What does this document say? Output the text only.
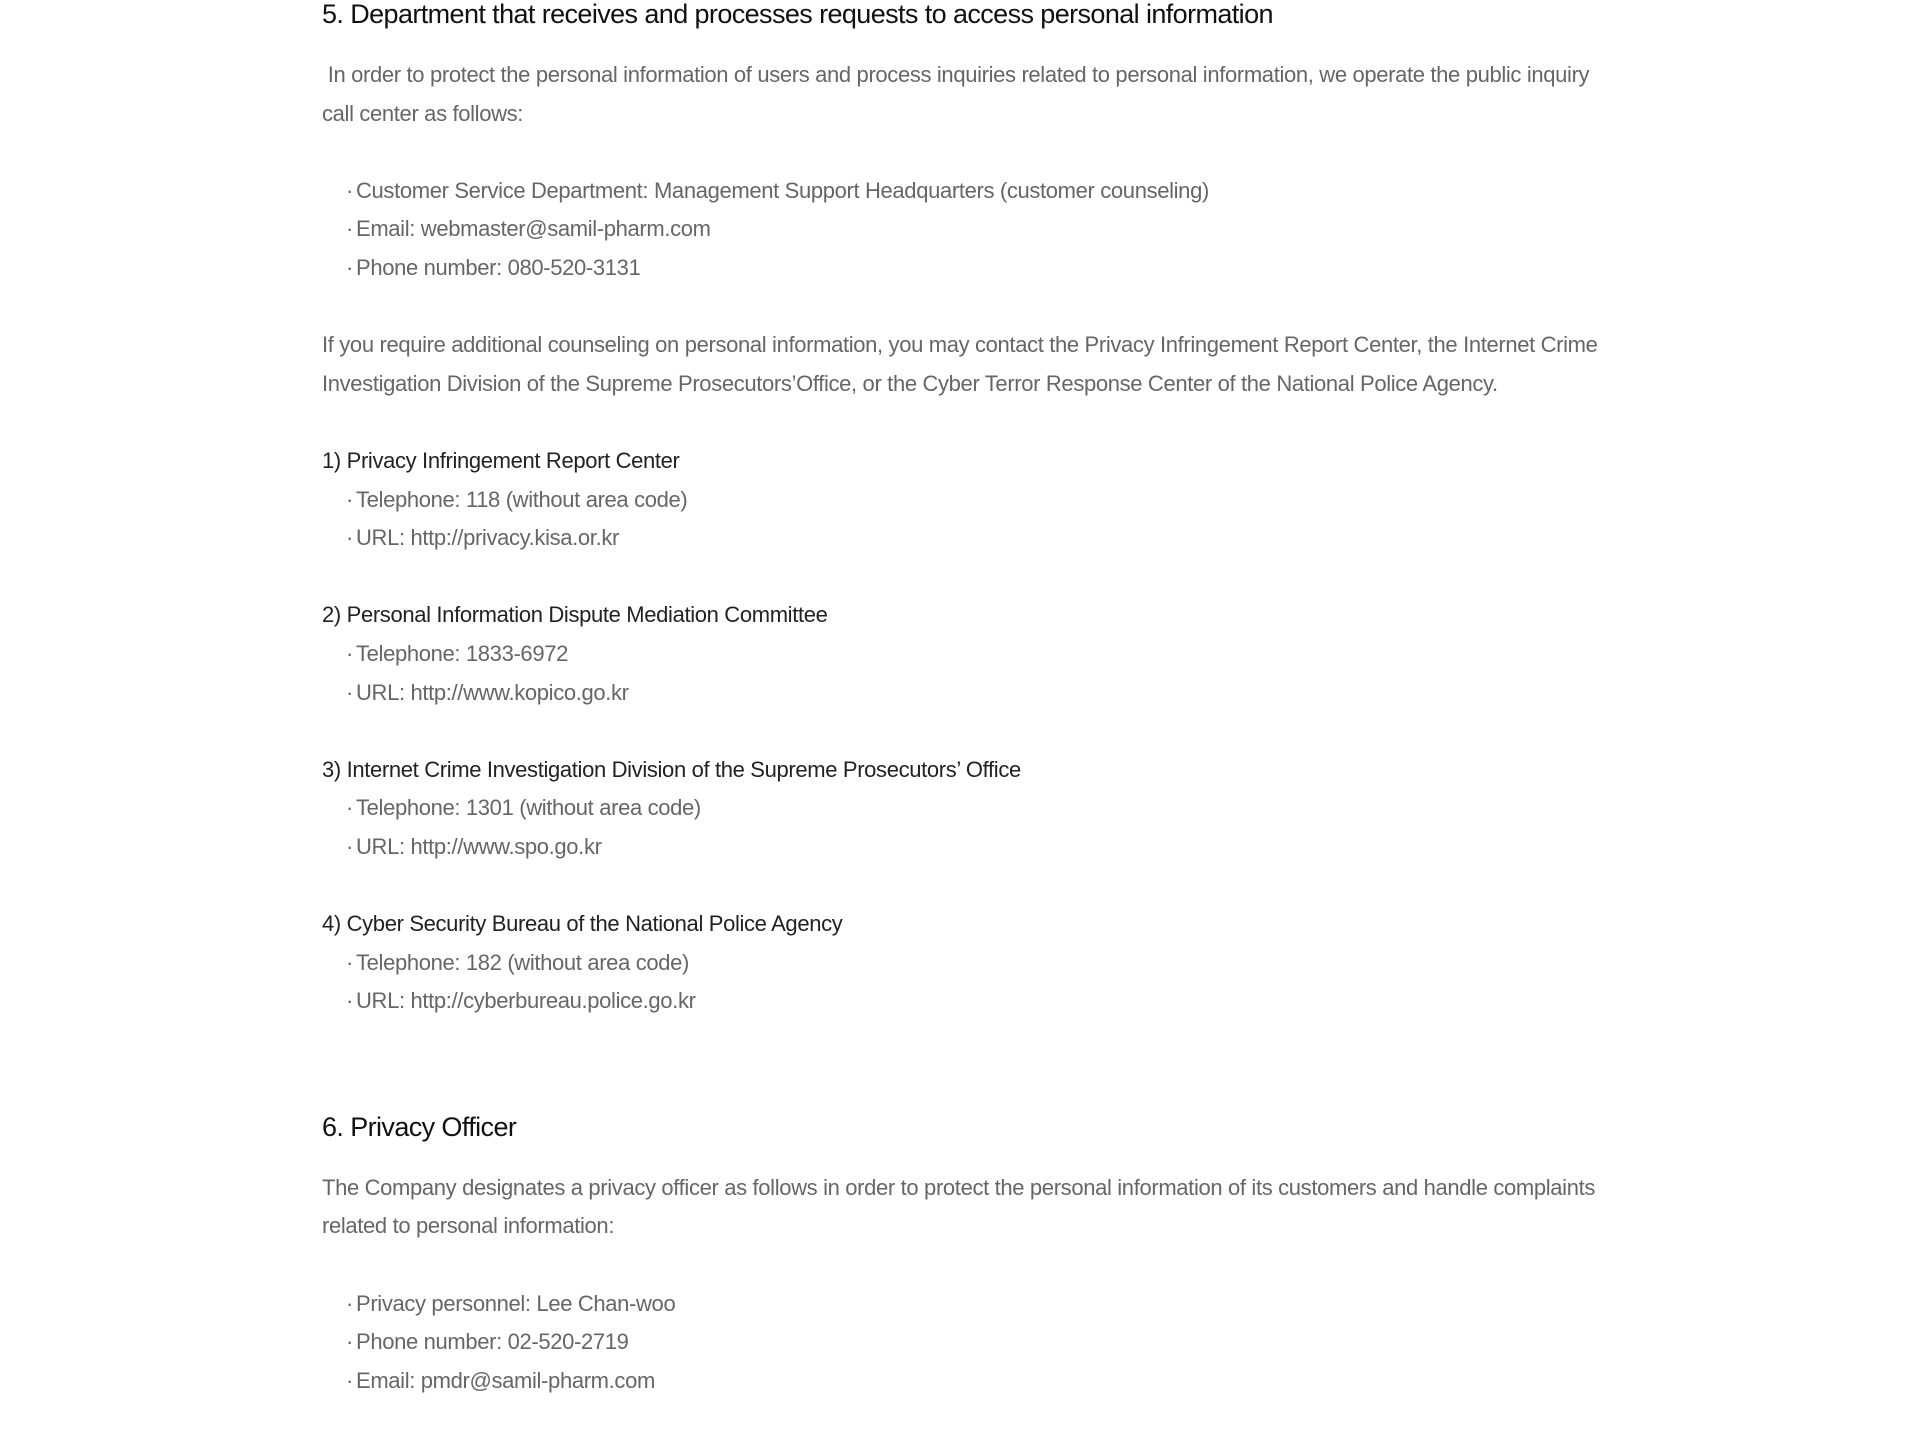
5. Department that receives and processes requests to access personal information

In order to protect the personal information of users and process inquiries related to personal information, we operate the public inquiry call center as follows:

· Customer Service Department: Management Support Headquarters (customer counseling)
· Email: webmaster@samil-pharm.com
· Phone number: 080-520-3131

If you require additional counseling on personal information, you may contact the Privacy Infringement Report Center, the Internet Crime Investigation Division of the Supreme Prosecutors’Office, or the Cyber Terror Response Center of the National Police Agency.

1) Privacy Infringement Report Center

· Telephone: 118 (without area code)
· URL: http://privacy.kisa.or.kr

2) Personal Information Dispute Mediation Committee

· Telephone: 1833-6972
· URL: http://www.kopico.go.kr

3) Internet Crime Investigation Division of the Supreme Prosecutors’ Office

· Telephone: 1301 (without area code)
· URL: http://www.spo.go.kr

4) Cyber Security Bureau of the National Police Agency

· Telephone: 182 (without area code)
· URL: http://cyberbureau.police.go.kr
6. Privacy Officer

The Company designates a privacy officer as follows in order to protect the personal information of its customers and handle complaints related to personal information:

· Privacy personnel: Lee Chan-woo
· Phone number: 02-520-2719
· Email: pmdr@samil-pharm.com
